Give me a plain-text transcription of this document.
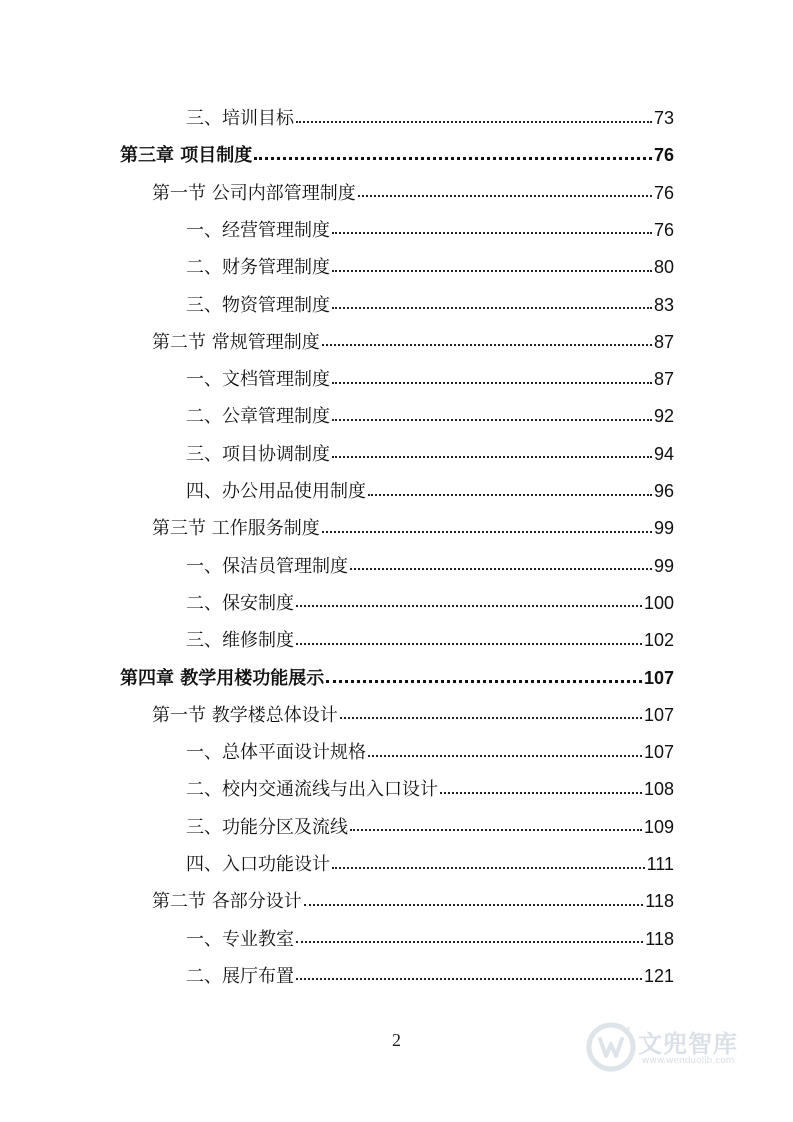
三、培训目标	73
第三章 项目制度	76
第一节 公司内部管理制度	76
一、经营管理制度	76
二、财务管理制度	80
三、物资管理制度	83
第二节 常规管理制度	87
一、文档管理制度	87
二、公章管理制度	92
三、项目协调制度	94
四、办公用品使用制度	96
第三节 工作服务制度	99
一、保洁员管理制度	99
二、保安制度	100
三、维修制度	102
第四章 教学用楼功能展示	107
第一节 教学楼总体设计	107
一、总体平面设计规格	107
二、校内交通流线与出入口设计	108
三、功能分区及流线	109
四、入口功能设计	111
第二节 各部分设计	118
一、专业教室	118
二、展厅布置	121
2	文兜智库
www.wenduolib.com
